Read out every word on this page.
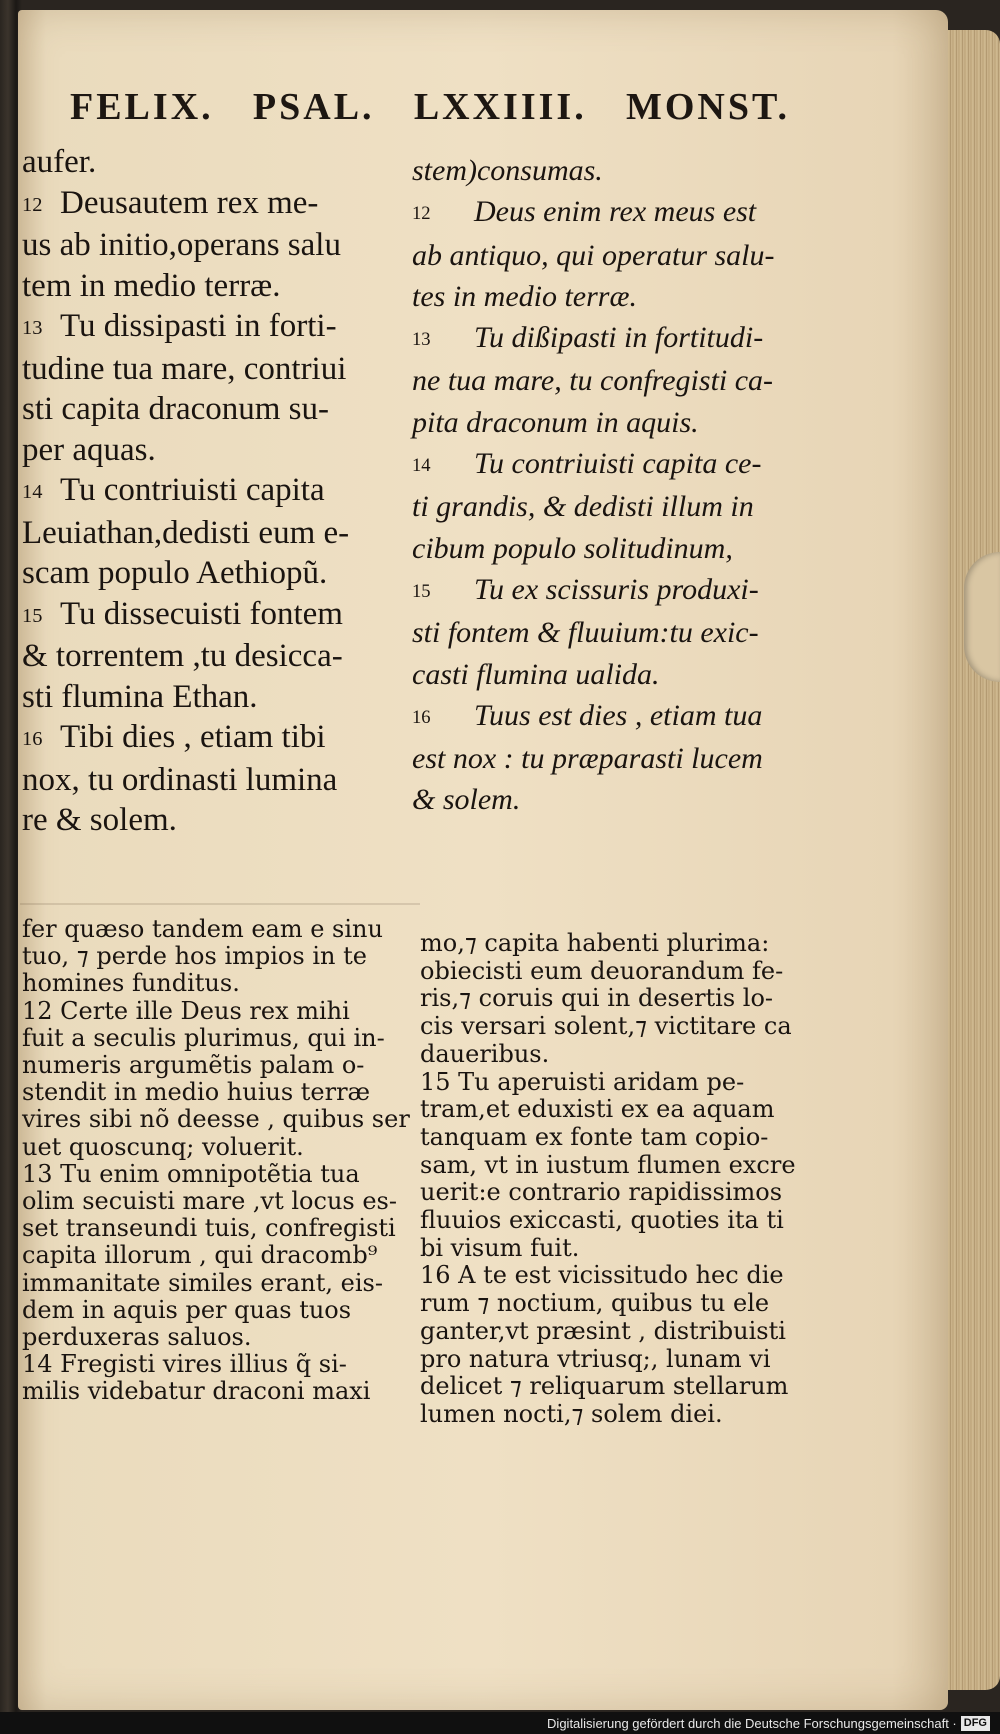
FELIX. PSAL. LXXIIII. MONST.
aufer.
12 Deusautem rex me-
us ab initio,operans salu
tem in medio terræ.
13 Tu dissipasti in forti-
tudine tua mare, contriui
sti capita draconum su-
per aquas.
14 Tu contriuisti capita
Leuiathan,dedisti eum e-
scam populo Aethiopũ.
15 Tu dissecuisti fontem
& torrentem ,tu desicca-
sti flumina Ethan.
16 Tibi dies , etiam tibi
nox, tu ordinasti lumina
re & solem.
stem)consumas.
12 Deus enim rex meus est
ab antiquo, qui operatur salu-
tes in medio terræ.
13 Tu dißipasti in fortitudi-
ne tua mare, tu confregisti ca-
pita draconum in aquis.
14 Tu contriuisti capita ce-
ti grandis, & dedisti illum in
cibum populo solitudinum,
15 Tu ex scissuris produxi-
sti fontem & fluuium:tu exic-
casti flumina ualida.
16 Tuus est dies , etiam tua
est nox : tu præparasti lucem
& solem.
fer quæso tandem eam e sinu
tuo, ⁊ perde hos impios in te
homines funditus.
12 Certe ille Deus rex mihi
fuit a seculis plurimus, qui in-
numeris argumẽtis palam o-
stendit in medio huius terræ
vires sibi nõ deesse , quibus ser
uet quoscunq; voluerit.
13 Tu enim omnipotẽtia tua
olim secuisti mare ,vt locus es-
set transeundi tuis, confregisti
capita illorum , qui dracomb⁹
immanitate similes erant, eis-
dem in aquis per quas tuos
perduxeras saluos.
14 Fregisti vires illius q̃ si-
milis videbatur draconi maxi
mo,⁊ capita habenti plurima:
obiecisti eum deuorandum fe-
ris,⁊ coruis qui in desertis lo-
cis versari solent,⁊ victitare ca
daueribus.
15 Tu aperuisti aridam pe-
tram,et eduxisti ex ea aquam
tanquam ex fonte tam copio-
sam, vt in iustum flumen excre
uerit:e contrario rapidissimos
fluuios exiccasti, quoties ita ti
bi visum fuit.
16 A te est vicissitudo hec die
rum ⁊ noctium, quibus tu ele
ganter,vt præsint , distribuisti
pro natura vtriusq;, lunam vi
delicet ⁊ reliquarum stellarum
lumen nocti,⁊ solem diei.
Digitalisierung gefördert durch die Deutsche Forschungsgemeinschaft · DFG
